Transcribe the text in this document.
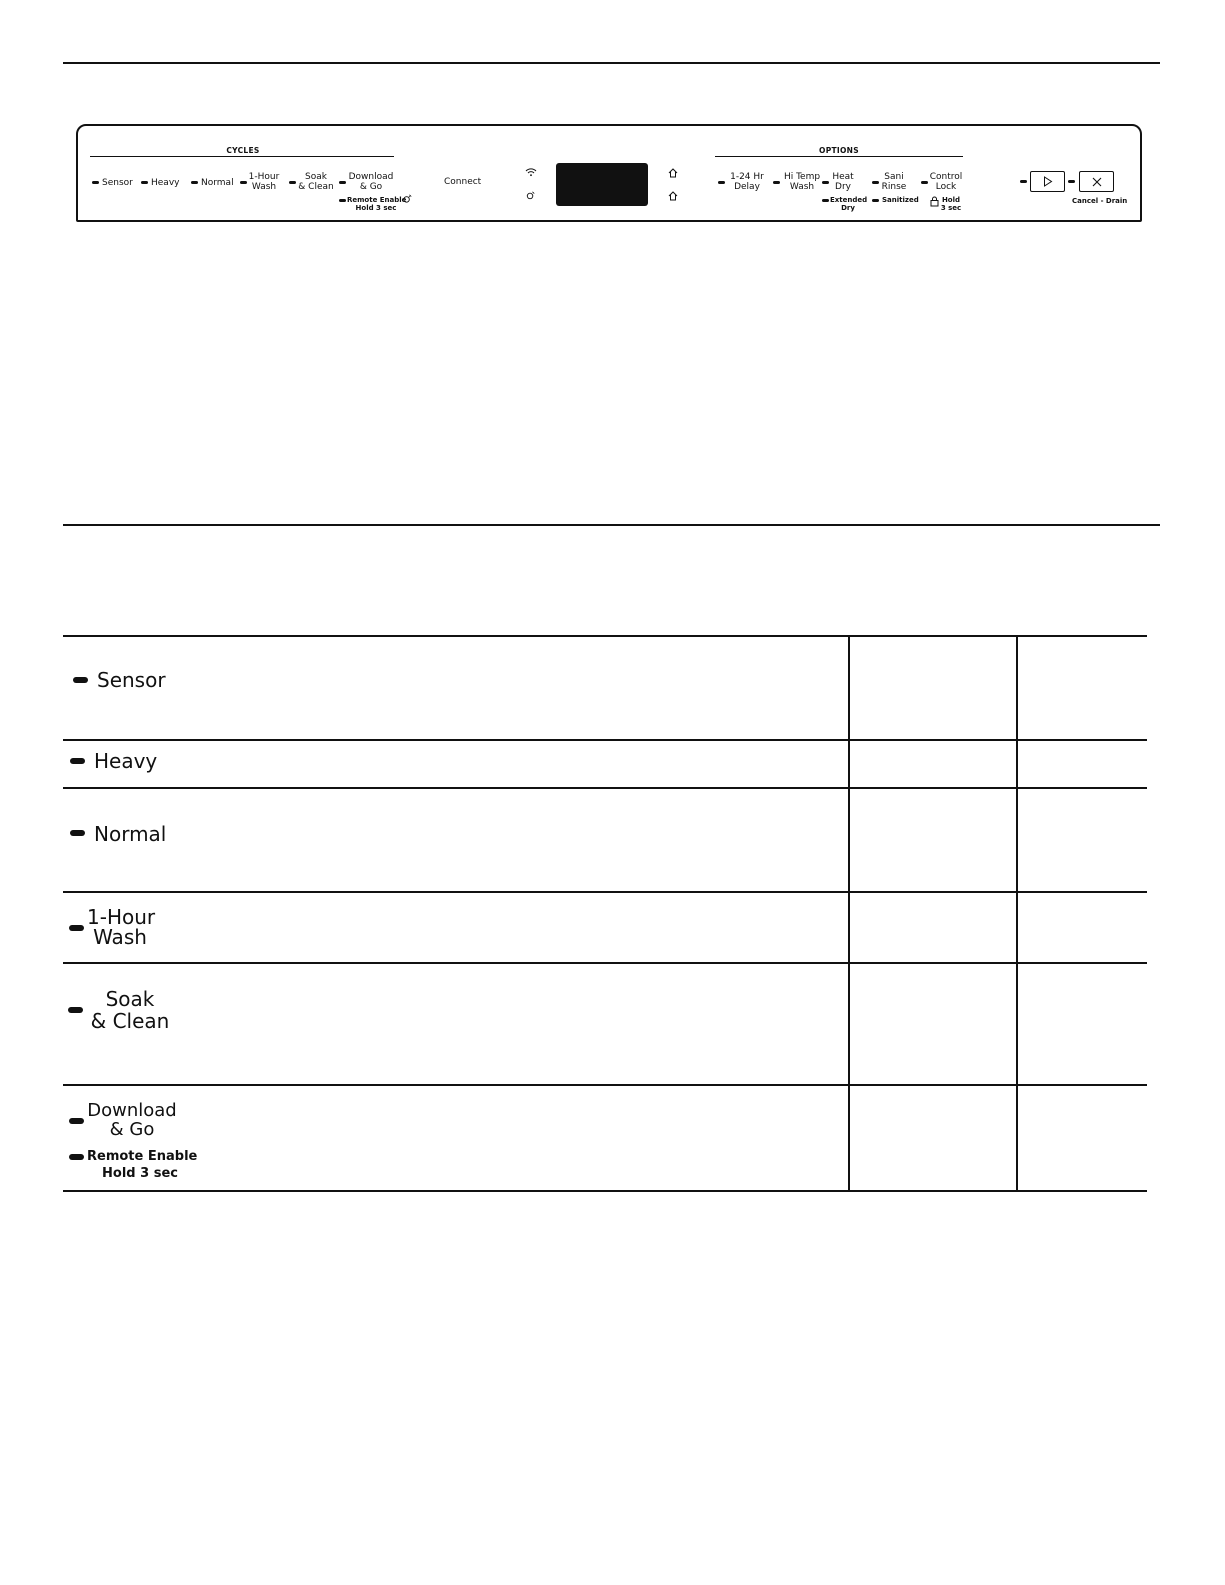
CYCLES
Sensor Heavy Normal
1-Hour
Wash
Soak
& Clean
Download
& Go
Remote Enable
Hold 3 sec
Connect
OPTIONS
1-24 Hr
Delay
Hi Temp
Wash
Heat
Dry
Extended
Dry
Sani
Rinse
Sanitized
Control
Lock
Hold
3 sec
Cancel - Drain
Sensor		

Heavy		

Normal		

1-Hour
Wash		

Soak
& Clean		

Download
& Go
Remote Enable
Hold 3 sec		
